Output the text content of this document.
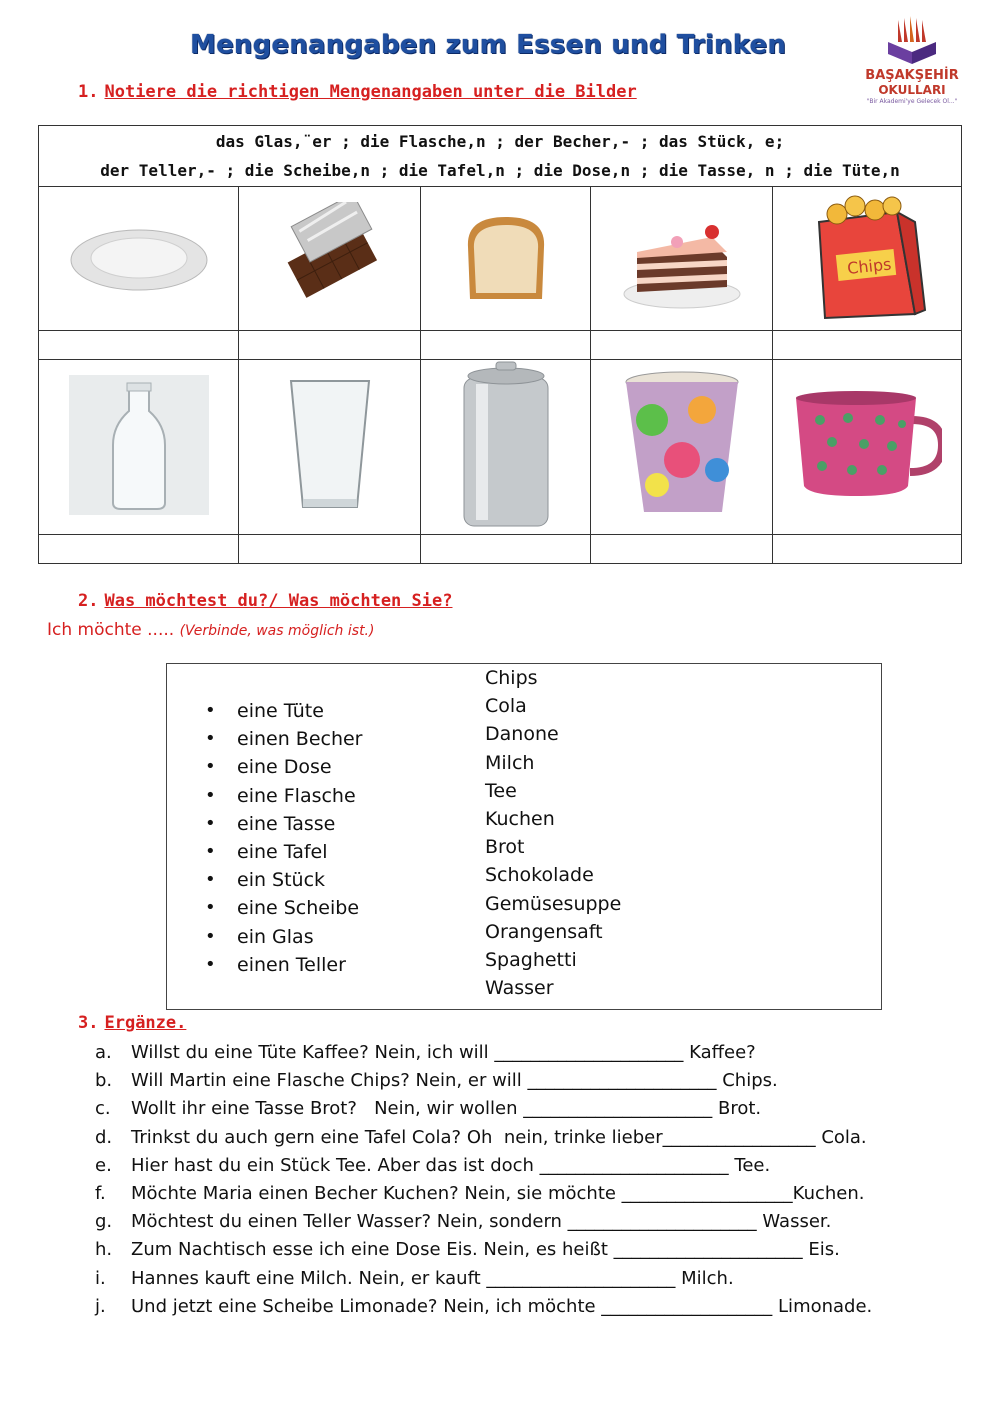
Mengenangaben zum Essen und Trinken
BAŞAKŞEHİR
OKULLARI
"Bir Akademi'ye Gelecek Ol..."
1. Notiere die richtigen Mengenangaben unter die Bilder
das Glas,¨er ; die Flasche,n ; der Becher,- ; das Stück, e;
der Teller,- ; die Scheibe,n ; die Tafel,n ; die Dose,n ; die Tasse, n ; die Tüte,n				

Chips

2. Was möchtest du?/ Was möchten Sie?
Ich möchte ..... (Verbinde, was möglich ist.)
• eine Tüte
• einen Becher
• eine Dose
• eine Flasche
• eine Tasse
• eine Tafel
• ein Stück
• eine Scheibe
• ein Glas
• einen Teller
Chips
Cola
Danone
Milch
Tee
Kuchen
Brot
Schokolade
Gemüsesuppe
Orangensaft
Spaghetti
Wasser
3. Ergänze.
a. Willst du eine Tüte Kaffee? Nein, ich will _____________________ Kaffee?
b. Will Martin eine Flasche Chips? Nein, er will _____________________ Chips.
c. Wollt ihr eine Tasse Brot?   Nein, wir wollen _____________________ Brot.
d. Trinkst du auch gern eine Tafel Cola? Oh  nein, trinke lieber_________________ Cola.
e. Hier hast du ein Stück Tee. Aber das ist doch _____________________ Tee.
f. Möchte Maria einen Becher Kuchen? Nein, sie möchte ___________________Kuchen.
g. Möchtest du einen Teller Wasser? Nein, sondern _____________________ Wasser.
h. Zum Nachtisch esse ich eine Dose Eis. Nein, es heißt _____________________ Eis.
i. Hannes kauft eine Milch. Nein, er kauft _____________________ Milch.
j. Und jetzt eine Scheibe Limonade? Nein, ich möchte ___________________ Limonade.
